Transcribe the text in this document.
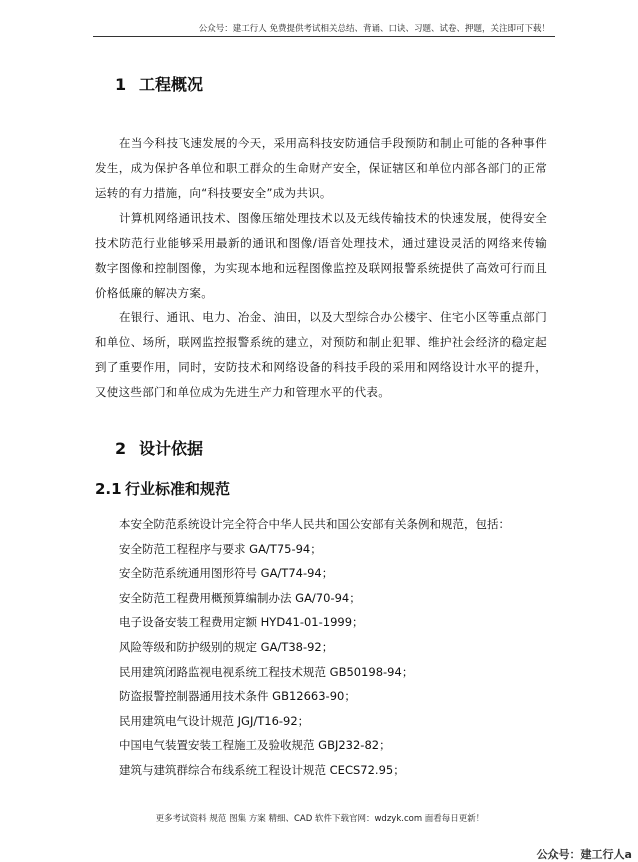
公众号：建工行人 免费提供考试相关总结、背诵、口诀、习题、试卷、押题，关注即可下载！
1 工程概况
在当今科技飞速发展的今天，采用高科技安防通信手段预防和制止可能的各种事件发生，成为保护各单位和职工群众的生命财产安全，保证辖区和单位内部各部门的正常运转的有力措施，向“科技要安全”成为共识。
计算机网络通讯技术、图像压缩处理技术以及无线传输技术的快速发展，使得安全技术防范行业能够采用最新的通讯和图像/语音处理技术，通过建设灵活的网络来传输数字图像和控制图像，为实现本地和远程图像监控及联网报警系统提供了高效可行而且价格低廉的解决方案。
在银行、通讯、电力、冶金、油田，以及大型综合办公楼宇、住宅小区等重点部门和单位、场所，联网监控报警系统的建立，对预防和制止犯罪、维护社会经济的稳定起到了重要作用，同时，安防技术和网络设备的科技手段的采用和网络设计水平的提升，又使这些部门和单位成为先进生产力和管理水平的代表。
2 设计依据
2.1 行业标准和规范
本安全防范系统设计完全符合中华人民共和国公安部有关条例和规范，包括：
安全防范工程程序与要求 GA/T75-94；
安全防范系统通用图形符号 GA/T74-94；
安全防范工程费用概预算编制办法 GA/70-94；
电子设备安装工程费用定额 HYD41-01-1999；
风险等级和防护级别的规定 GA/T38-92；
民用建筑闭路监视电视系统工程技术规范 GB50198-94；
防盗报警控制器通用技术条件 GB12663-90；
民用建筑电气设计规范 JGJ/T16-92；
中国电气装置安装工程施工及验收规范 GBJ232-82；
建筑与建筑群综合布线系统工程设计规范 CECS72.95；
更多考试资料 规范 图集 方案 精细、CAD 软件下载官网：wdzyk.com 面看每日更新！
公众号：建工行人a
